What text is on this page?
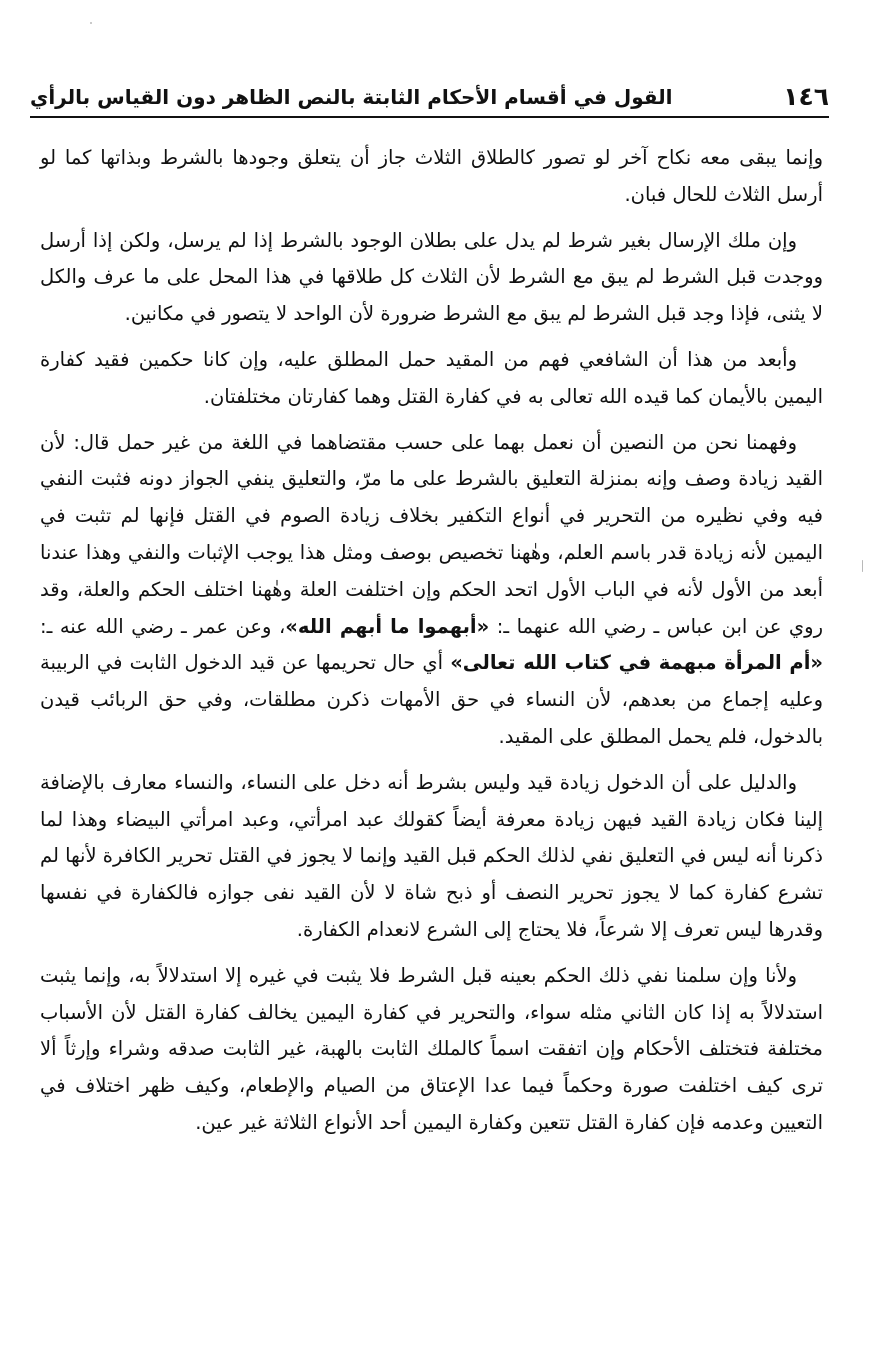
١٤٦
القول في أقسام الأحكام الثابتة بالنص الظاهر دون القياس بالرأي

وإنما يبقى معه نكاح آخر لو تصور كالطلاق الثلاث جاز أن يتعلق وجودها بالشرط وبذاتها كما لو أرسل الثلاث للحال فبان.

وإن ملك الإرسال بغير شرط لم يدل على بطلان الوجود بالشرط إذا لم يرسل، ولكن إذا أرسل ووجدت قبل الشرط لم يبق مع الشرط لأن الثلاث كل طلاقها في هذا المحل على ما عرف والكل لا يثنى، فإذا وجد قبل الشرط لم يبق مع الشرط ضرورة لأن الواحد لا يتصور في مكانين.

وأبعد من هذا أن الشافعي فهم من المقيد حمل المطلق عليه، وإن كانا حكمين فقيد كفارة اليمين بالأيمان كما قيده الله تعالى به في كفارة القتل وهما كفارتان مختلفتان.

وفهمنا نحن من النصين أن نعمل بهما على حسب مقتضاهما في اللغة من غير حمل قال: لأن القيد زيادة وصف وإنه بمنزلة التعليق بالشرط على ما مرّ، والتعليق ينفي الجواز دونه فثبت النفي فيه وفي نظيره من التحرير في أنواع التكفير بخلاف زيادة الصوم في القتل فإنها لم تثبت في اليمين لأنه زيادة قدر باسم العلم، وهٰهنا تخصيص بوصف ومثل هذا يوجب الإثبات والنفي وهذا عندنا أبعد من الأول لأنه في الباب الأول اتحد الحكم وإن اختلفت العلة وهٰهنا اختلف الحكم والعلة، وقد روي عن ابن عباس ـ رضي الله عنهما ـ: «أبهموا ما أبهم الله»، وعن عمر ـ رضي الله عنه ـ: «أم المرأة مبهمة في كتاب الله تعالى» أي حال تحريمها عن قيد الدخول الثابت في الربيبة وعليه إجماع من بعدهم، لأن النساء في حق الأمهات ذكرن مطلقات، وفي حق الربائب قيدن بالدخول، فلم يحمل المطلق على المقيد.

والدليل على أن الدخول زيادة قيد وليس بشرط أنه دخل على النساء، والنساء معارف بالإضافة إلينا فكان زيادة القيد فيهن زيادة معرفة أيضاً كقولك عبد امرأتي، وعبد امرأتي البيضاء وهذا لما ذكرنا أنه ليس في التعليق نفي لذلك الحكم قبل القيد وإنما لا يجوز في القتل تحرير الكافرة لأنها لم تشرع كفارة كما لا يجوز تحرير النصف أو ذبح شاة لا لأن القيد نفى جوازه فالكفارة في نفسها وقدرها ليس تعرف إلا شرعاً، فلا يحتاج إلى الشرع لانعدام الكفارة.

ولأنا وإن سلمنا نفي ذلك الحكم بعينه قبل الشرط فلا يثبت في غيره إلا استدلالاً به، وإنما يثبت استدلالاً به إذا كان الثاني مثله سواء، والتحرير في كفارة اليمين يخالف كفارة القتل لأن الأسباب مختلفة فتختلف الأحكام وإن اتفقت اسماً كالملك الثابت بالهبة، غير الثابت صدقه وشراء وإرثاً ألا ترى كيف اختلفت صورة وحكماً فيما عدا الإعتاق من الصيام والإطعام، وكيف ظهر اختلاف في التعيين وعدمه فإن كفارة القتل تتعين وكفارة اليمين أحد الأنواع الثلاثة غير عين.
